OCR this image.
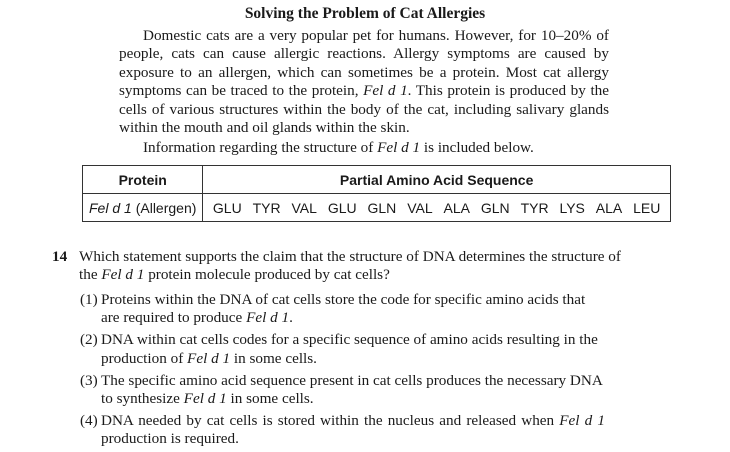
Solving the Problem of Cat Allergies

Domestic cats are a very popular pet for humans. However, for 10–20% of people, cats can cause allergic reactions. Allergy symptoms are caused by exposure to an allergen, which can sometimes be a protein. Most cat allergy symptoms can be traced to the protein, Fel d 1. This protein is produced by the cells of various structures within the body of the cat, including salivary glands within the mouth and oil glands within the skin.

Information regarding the structure of Fel d 1 is included below.

Protein	Partial Amino Acid Sequence
Fel d 1 (Allergen)	GLU TYR VAL GLU GLN VAL ALA GLN TYR LYS ALA LEU
14 Which statement supports the claim that the structure of DNA determines the structure of the Fel d 1 protein molecule produced by cat cells?
(1) Proteins within the DNA of cat cells store the code for specific amino acids that are required to produce Fel d 1.
(2) DNA within cat cells codes for a specific sequence of amino acids resulting in the production of Fel d 1 in some cells.
(3) The specific amino acid sequence present in cat cells produces the necessary DNA to synthesize Fel d 1 in some cells.
(4) DNA needed by cat cells is stored within the nucleus and released when Fel d 1 production is required.
